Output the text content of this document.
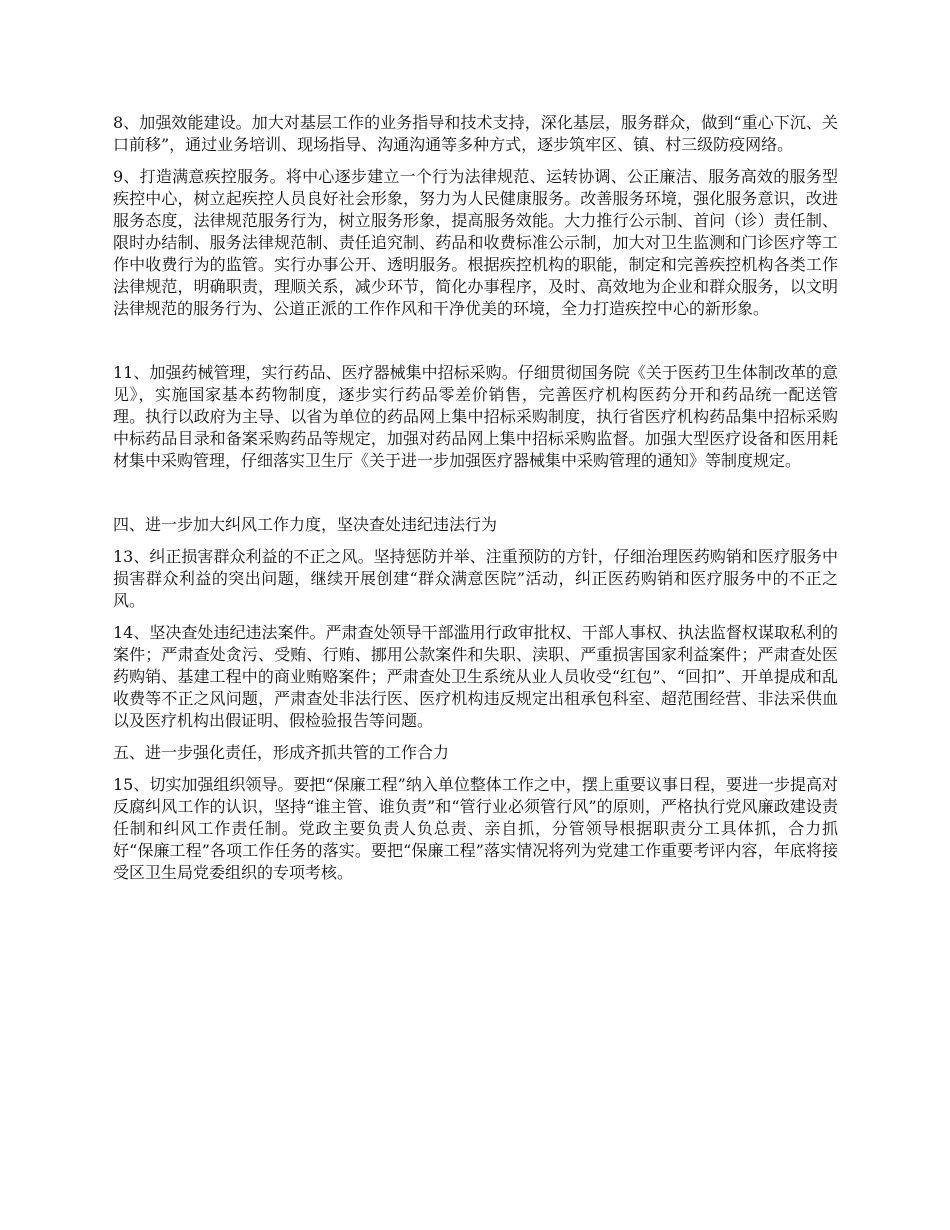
8、加强效能建设。加大对基层工作的业务指导和技术支持，深化基层，服务群众，做到“重心下沉、关口前移”，通过业务培训、现场指导、沟通沟通等多种方式，逐步筑牢区、镇、村三级防疫网络。

9、打造满意疾控服务。将中心逐步建立一个行为法律规范、运转协调、公正廉洁、服务高效的服务型疾控中心，树立起疾控人员良好社会形象，努力为人民健康服务。改善服务环境，强化服务意识，改进服务态度，法律规范服务行为，树立服务形象，提高服务效能。大力推行公示制、首问（诊）责任制、限时办结制、服务法律规范制、责任追究制、药品和收费标准公示制，加大对卫生监测和门诊医疗等工作中收费行为的监管。实行办事公开、透明服务。根据疾控机构的职能，制定和完善疾控机构各类工作法律规范，明确职责，理顺关系，减少环节，简化办事程序，及时、高效地为企业和群众服务，以文明法律规范的服务行为、公道正派的工作作风和干净优美的环境，全力打造疾控中心的新形象。

11、加强药械管理，实行药品、医疗器械集中招标采购。仔细贯彻国务院《关于医药卫生体制改革的意见》，实施国家基本药物制度，逐步实行药品零差价销售，完善医疗机构医药分开和药品统一配送管理。执行以政府为主导、以省为单位的药品网上集中招标采购制度，执行省医疗机构药品集中招标采购中标药品目录和备案采购药品等规定，加强对药品网上集中招标采购监督。加强大型医疗设备和医用耗材集中采购管理，仔细落实卫生厅《关于进一步加强医疗器械集中采购管理的通知》等制度规定。

四、进一步加大纠风工作力度，坚决查处违纪违法行为

13、纠正损害群众利益的不正之风。坚持惩防并举、注重预防的方针，仔细治理医药购销和医疗服务中损害群众利益的突出问题，继续开展创建“群众满意医院”活动，纠正医药购销和医疗服务中的不正之风。

14、坚决查处违纪违法案件。严肃查处领导干部滥用行政审批权、干部人事权、执法监督权谋取私利的案件；严肃查处贪污、受贿、行贿、挪用公款案件和失职、渎职、严重损害国家利益案件；严肃查处医药购销、基建工程中的商业贿赂案件；严肃查处卫生系统从业人员收受“红包”、“回扣”、开单提成和乱收费等不正之风问题，严肃查处非法行医、医疗机构违反规定出租承包科室、超范围经营、非法采供血以及医疗机构出假证明、假检验报告等问题。

五、进一步强化责任，形成齐抓共管的工作合力

15、切实加强组织领导。要把“保廉工程”纳入单位整体工作之中，摆上重要议事日程，要进一步提高对反腐纠风工作的认识，坚持“谁主管、谁负责”和“管行业必须管行风”的原则，严格执行党风廉政建设责任制和纠风工作责任制。党政主要负责人负总责、亲自抓，分管领导根据职责分工具体抓，合力抓好“保廉工程”各项工作任务的落实。要把“保廉工程”落实情况将列为党建工作重要考评内容，年底将接受区卫生局党委组织的专项考核。
